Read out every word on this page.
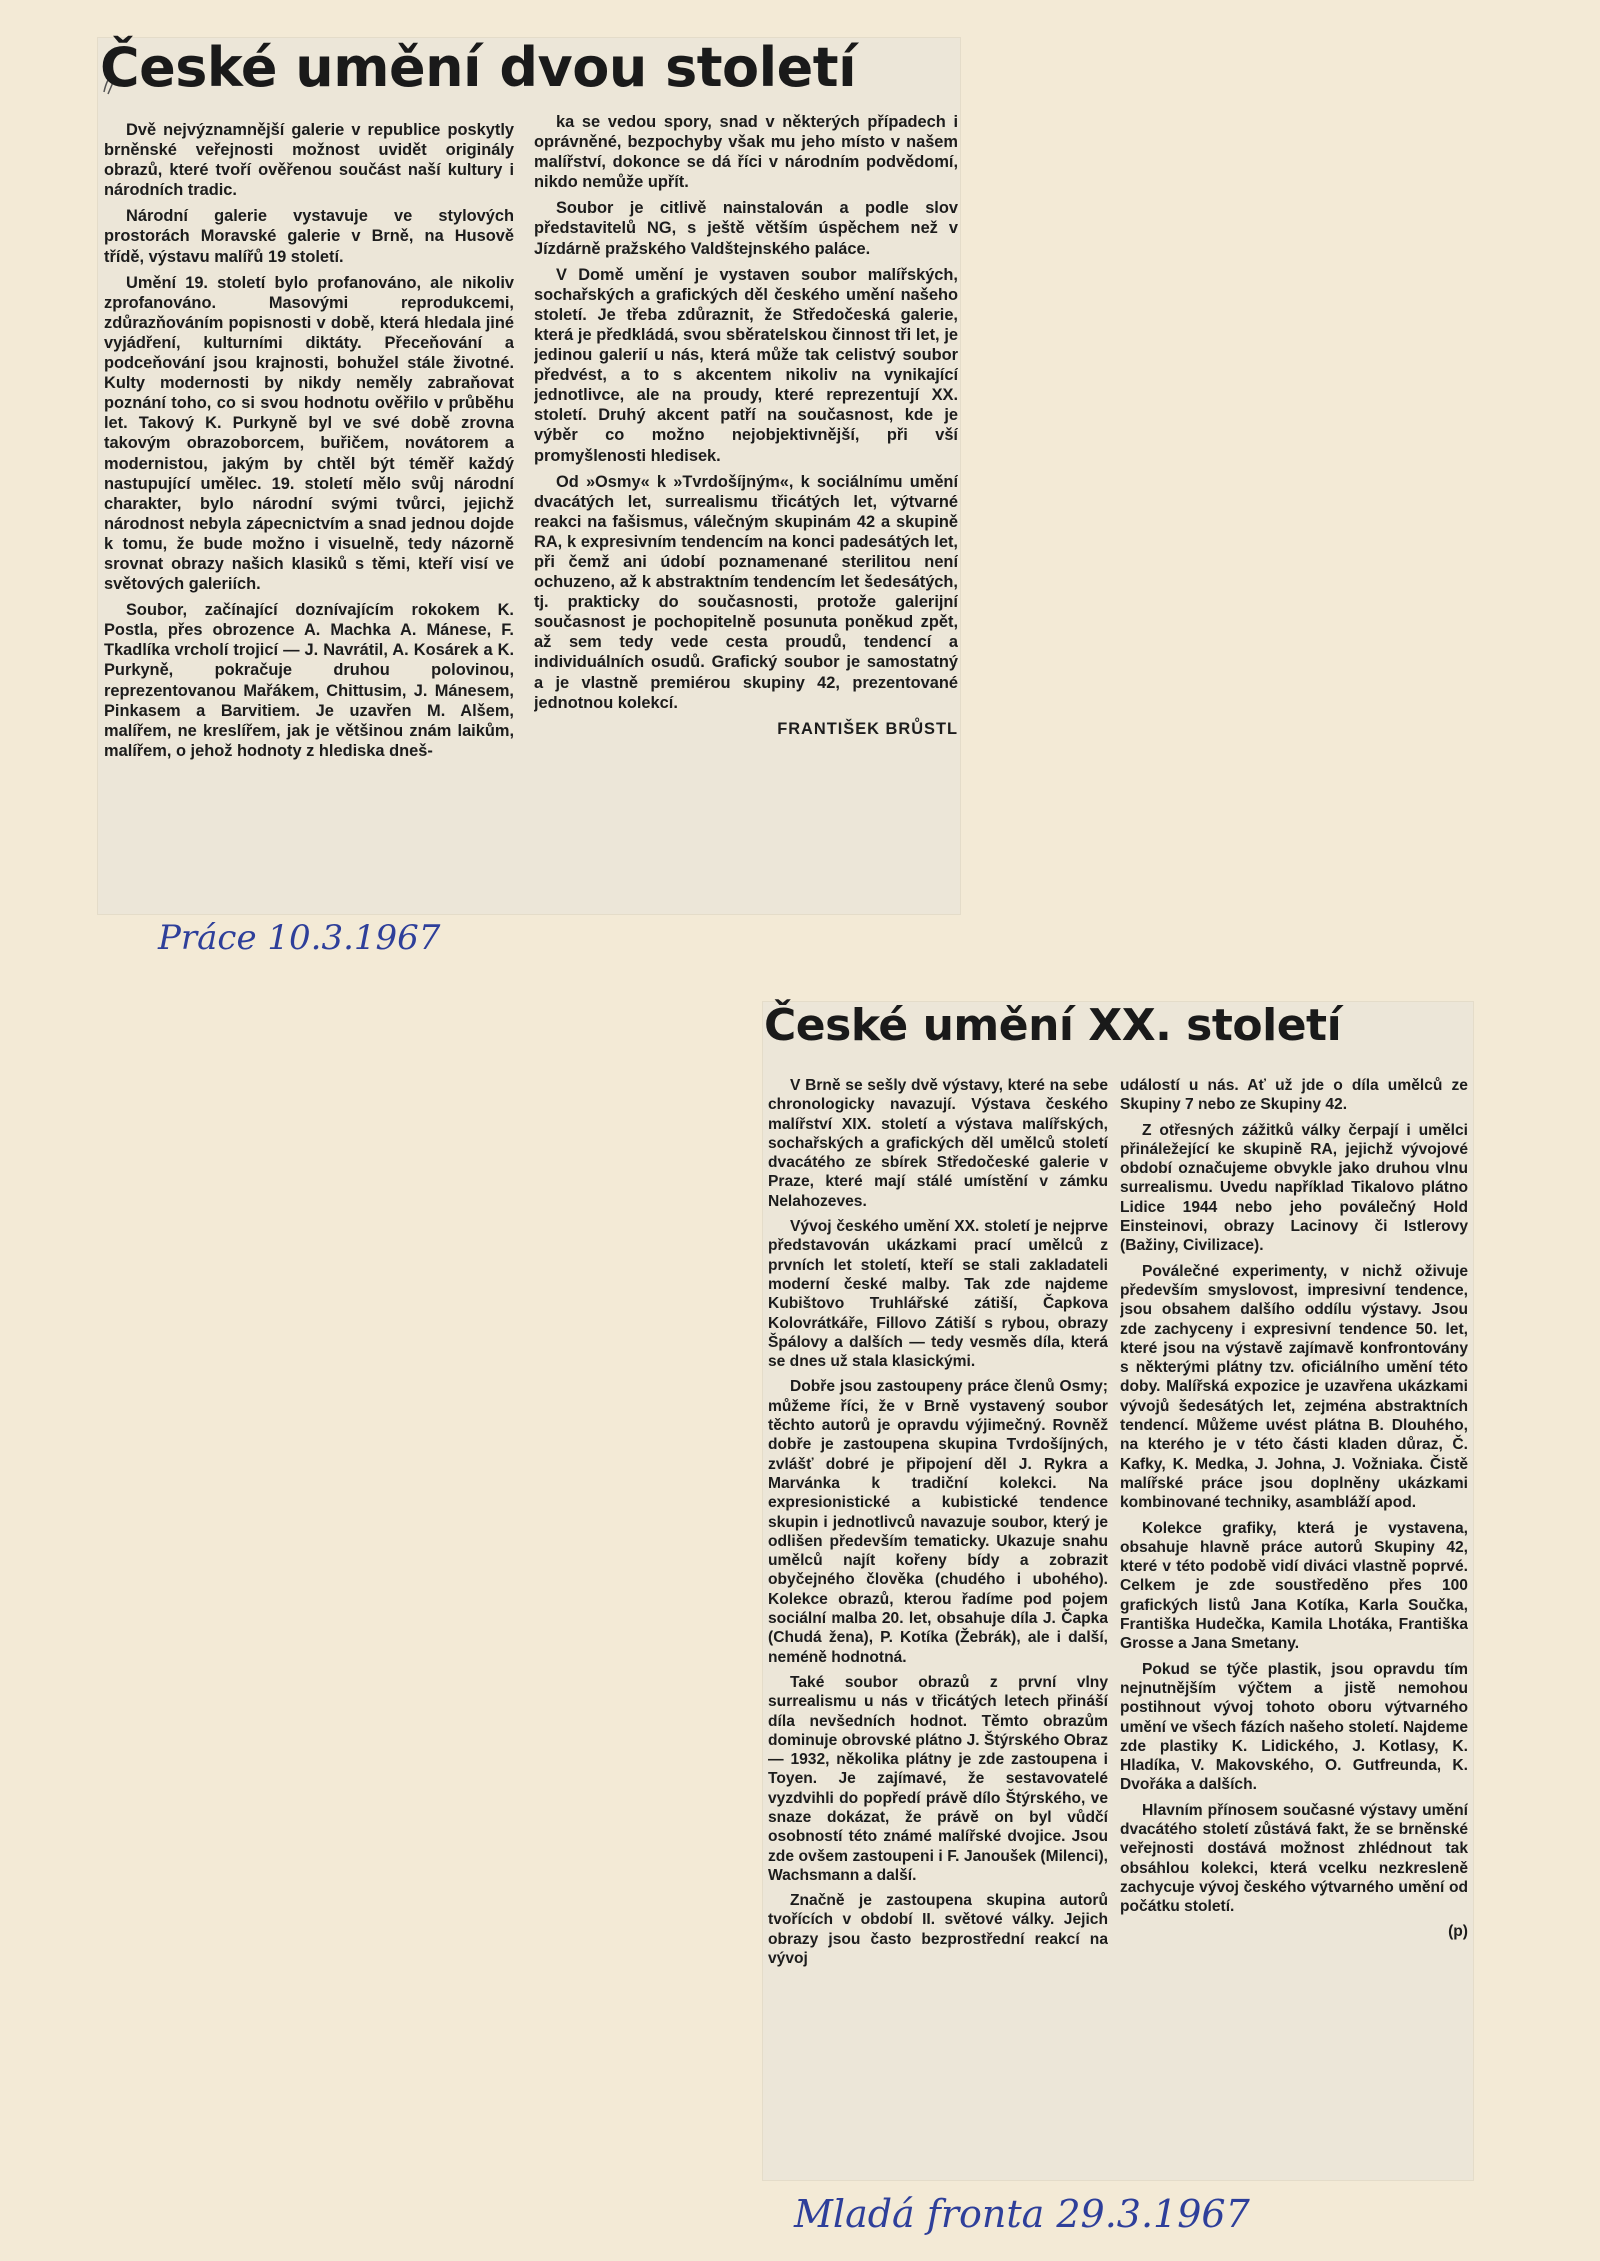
České umění dvou století

Dvě nejvýznamnější galerie v republice poskytly brněnské veřejnosti možnost uvidět originály obrazů, které tvoří ověřenou součást naší kultury i národních tradic.

Národní galerie vystavuje ve stylových prostorách Moravské galerie v Brně, na Husově třídě, výstavu malířů 19 století.

Umění 19. století bylo profanováno, ale nikoliv zprofanováno. Masovými reprodukcemi, zdůrazňováním popisnosti v době, která hledala jiné vyjádření, kulturními diktáty. Přeceňování a podceňování jsou krajnosti, bohužel stále životné. Kulty modernosti by nikdy neměly zabraňovat poznání toho, co si svou hodnotu ověřilo v průběhu let. Takový K. Purkyně byl ve své době zrovna takovým obrazoborcem, buřičem, novátorem a modernistou, jakým by chtěl být téměř každý nastupující umělec. 19. století mělo svůj národní charakter, bylo národní svými tvůrci, jejichž národnost nebyla zápecnictvím a snad jednou dojde k tomu, že bude možno i visuelně, tedy názorně srovnat obrazy našich klasiků s těmi, kteří visí ve světových galeriích.

Soubor, začínající doznívajícím rokokem K. Postla, přes obrozence A. Machka A. Mánese, F. Tkadlíka vrcholí trojicí — J. Navrátil, A. Kosárek a K. Purkyně, pokračuje druhou polovinou, reprezentovanou Mařákem, Chittusim, J. Mánesem, Pinkasem a Barvitiem. Je uzavřen M. Alšem, malířem, ne kreslířem, jak je většinou znám laikům, malířem, o jehož hodnoty z hlediska dneš-

ka se vedou spory, snad v některých případech i oprávněné, bezpochyby však mu jeho místo v našem malířství, dokonce se dá říci v národním podvědomí, nikdo nemůže upřít.

Soubor je citlivě nainstalován a podle slov představitelů NG, s ještě větším úspěchem než v Jízdárně pražského Valdštejnského paláce.

V Domě umění je vystaven soubor malířských, sochařských a grafických děl českého umění našeho století. Je třeba zdůraznit, že Středočeská galerie, která je předkládá, svou sběratelskou činnost tři let, je jedinou galerií u nás, která může tak celistvý soubor předvést, a to s akcentem nikoliv na vynikající jednotlivce, ale na proudy, které reprezentují XX. století. Druhý akcent patří na současnost, kde je výběr co možno nejobjektivnější, při vší promyšlenosti hledisek.

Od »Osmy« k »Tvrdošíjným«, k sociálnímu umění dvacátých let, surrealismu třicátých let, výtvarné reakci na fašismus, válečným skupinám 42 a skupině RA, k expresivním tendencím na konci padesátých let, při čemž ani údobí poznamenané sterilitou není ochuzeno, až k abstraktním tendencím let šedesátých, tj. prakticky do současnosti, protože galerijní současnost je pochopitelně posunuta poněkud zpět, až sem tedy vede cesta proudů, tendencí a individuálních osudů. Grafický soubor je samostatný a je vlastně premiérou skupiny 42, prezentované jednotnou kolekcí.

FRANTIŠEK BRŮSTL

Práce 10.3.1967
České umění XX. století

V Brně se sešly dvě výstavy, které na sebe chronologicky navazují. Výstava českého malířství XIX. století a výstava malířských, sochařských a grafických děl umělců století dvacátého ze sbírek Středočeské galerie v Praze, které mají stálé umístění v zámku Nelahozeves.

Vývoj českého umění XX. století je nejprve představován ukázkami prací umělců z prvních let století, kteří se stali zakladateli moderní české malby. Tak zde najdeme Kubištovo Truhlářské zátiší, Čapkova Kolovrátkáře, Fillovo Zátiší s rybou, obrazy Špálovy a dalších — tedy vesměs díla, která se dnes už stala klasickými.

Dobře jsou zastoupeny práce členů Osmy; můžeme říci, že v Brně vystavený soubor těchto autorů je opravdu výjimečný. Rovněž dobře je zastoupena skupina Tvrdošíjných, zvlášť dobré je připojení děl J. Rykra a Marvánka k tradiční kolekci. Na expresionistické a kubistické tendence skupin i jednotlivců navazuje soubor, který je odlišen především tematicky. Ukazuje snahu umělců najít kořeny bídy a zobrazit obyčejného člověka (chudého i ubohého). Kolekce obrazů, kterou řadíme pod pojem sociální malba 20. let, obsahuje díla J. Čapka (Chudá žena), P. Kotíka (Žebrák), ale i další, neméně hodnotná.

Také soubor obrazů z první vlny surrealismu u nás v třicátých letech přináší díla nevšedních hodnot. Těmto obrazům dominuje obrovské plátno J. Štýrského Obraz — 1932, několika plátny je zde zastoupena i Toyen. Je zajímavé, že sestavovatelé vyzdvihli do popředí právě dílo Štýrského, ve snaze dokázat, že právě on byl vůdčí osobností této známé malířské dvojice. Jsou zde ovšem zastoupeni i F. Janoušek (Milenci), Wachsmann a další.

Značně je zastoupena skupina autorů tvořících v období II. světové války. Jejich obrazy jsou často bezprostřední reakcí na vývoj

událostí u nás. Ať už jde o díla umělců ze Skupiny 7 nebo ze Skupiny 42.

Z otřesných zážitků války čerpají i umělci přináležející ke skupině RA, jejichž vývojové období označujeme obvykle jako druhou vlnu surrealismu. Uvedu například Tikalovo plátno Lidice 1944 nebo jeho poválečný Hold Einsteinovi, obrazy Lacinovy či Istlerovy (Bažiny, Civilizace).

Poválečné experimenty, v nichž oživuje především smyslovost, impresivní tendence, jsou obsahem dalšího oddílu výstavy. Jsou zde zachyceny i expresivní tendence 50. let, které jsou na výstavě zajímavě konfrontovány s některými plátny tzv. oficiálního umění této doby. Malířská expozice je uzavřena ukázkami vývojů šedesátých let, zejména abstraktních tendencí. Můžeme uvést plátna B. Dlouhého, na kterého je v této části kladen důraz, Č. Kafky, K. Medka, J. Johna, J. Vožniaka. Čistě malířské práce jsou doplněny ukázkami kombinované techniky, asambláží apod.

Kolekce grafiky, která je vystavena, obsahuje hlavně práce autorů Skupiny 42, které v této podobě vidí diváci vlastně poprvé. Celkem je zde soustředěno přes 100 grafických listů Jana Kotíka, Karla Součka, Františka Hudečka, Kamila Lhotáka, Františka Grosse a Jana Smetany.

Pokud se týče plastik, jsou opravdu tím nejnutnějším výčtem a jistě nemohou postihnout vývoj tohoto oboru výtvarného umění ve všech fázích našeho století. Najdeme zde plastiky K. Lidického, J. Kotlasy, K. Hladíka, V. Makovského, O. Gutfreunda, K. Dvořáka a dalších.

Hlavním přínosem současné výstavy umění dvacátého století zůstává fakt, že se brněnské veřejnosti dostává možnost zhlédnout tak obsáhlou kolekci, která vcelku nezkresleně zachycuje vývoj českého výtvarného umění od počátku století.

(p)

Mladá fronta 29.3.1967
